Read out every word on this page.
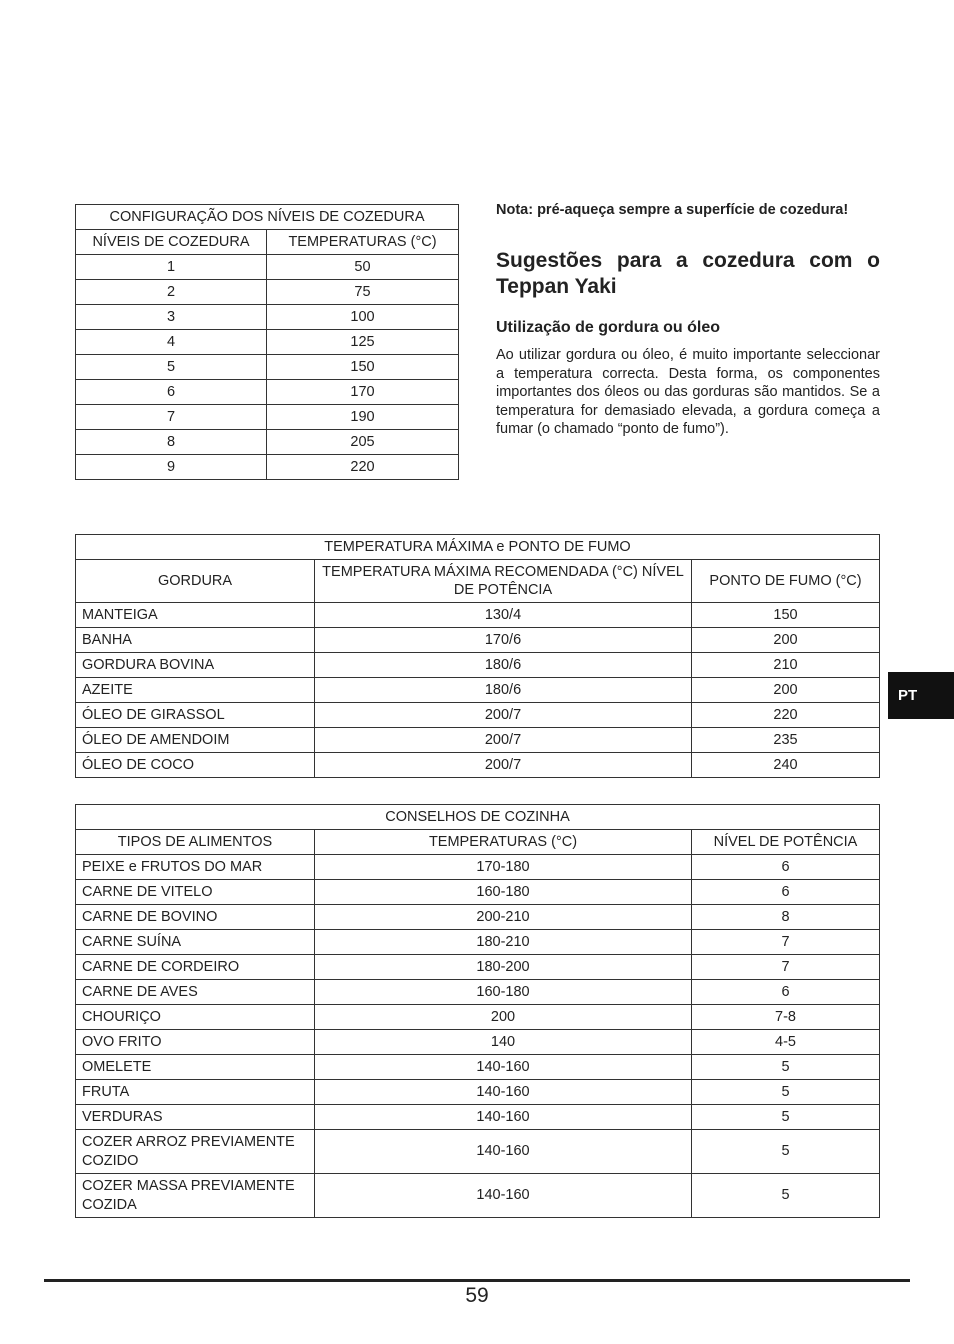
CONFIGURAÇÃO DOS NÍVEIS DE COZEDURA	
NÍVEIS DE COZEDURA	TEMPERATURAS (°C)
1	50
2	75
3	100
4	125
5	150
6	170
7	190
8	205
9	220

Nota: pré-aqueça sempre a superfície de cozedura!

Sugestões para a cozedura com o Teppan Yaki
Utilização de gordura ou óleo

Ao utilizar gordura ou óleo, é muito importante seleccionar a temperatura correcta. Desta forma, os componentes importantes dos óleos ou das gorduras são mantidos. Se a temperatura for demasiado elevada, a gordura começa a fumar (o chamado “ponto de fumo”).

TEMPERATURA MÁXIMA e PONTO DE FUMO		
GORDURA	TEMPERATURA MÁXIMA RECOMENDADA (°C) NÍVEL DE POTÊNCIA	PONTO DE FUMO (°C)
MANTEIGA	130/4	150
BANHA	170/6	200
GORDURA BOVINA	180/6	210
AZEITE	180/6	200
ÓLEO DE GIRASSOL	200/7	220
ÓLEO DE AMENDOIM	200/7	235
ÓLEO DE COCO	200/7	240
CONSELHOS DE COZINHA		
TIPOS DE ALIMENTOS	TEMPERATURAS (°C)	NÍVEL DE POTÊNCIA
PEIXE e FRUTOS DO MAR	170-180	6
CARNE DE VITELO	160-180	6
CARNE DE BOVINO	200-210	8
CARNE SUÍNA	180-210	7
CARNE DE CORDEIRO	180-200	7
CARNE DE AVES	160-180	6
CHOURIÇO	200	7-8
OVO FRITO	140	4-5
OMELETE	140-160	5
FRUTA	140-160	5
VERDURAS	140-160	5
COZER ARROZ PREVIAMENTE COZIDO	140-160	5
COZER MASSA PREVIAMENTE COZIDA	140-160	5
PT
59
